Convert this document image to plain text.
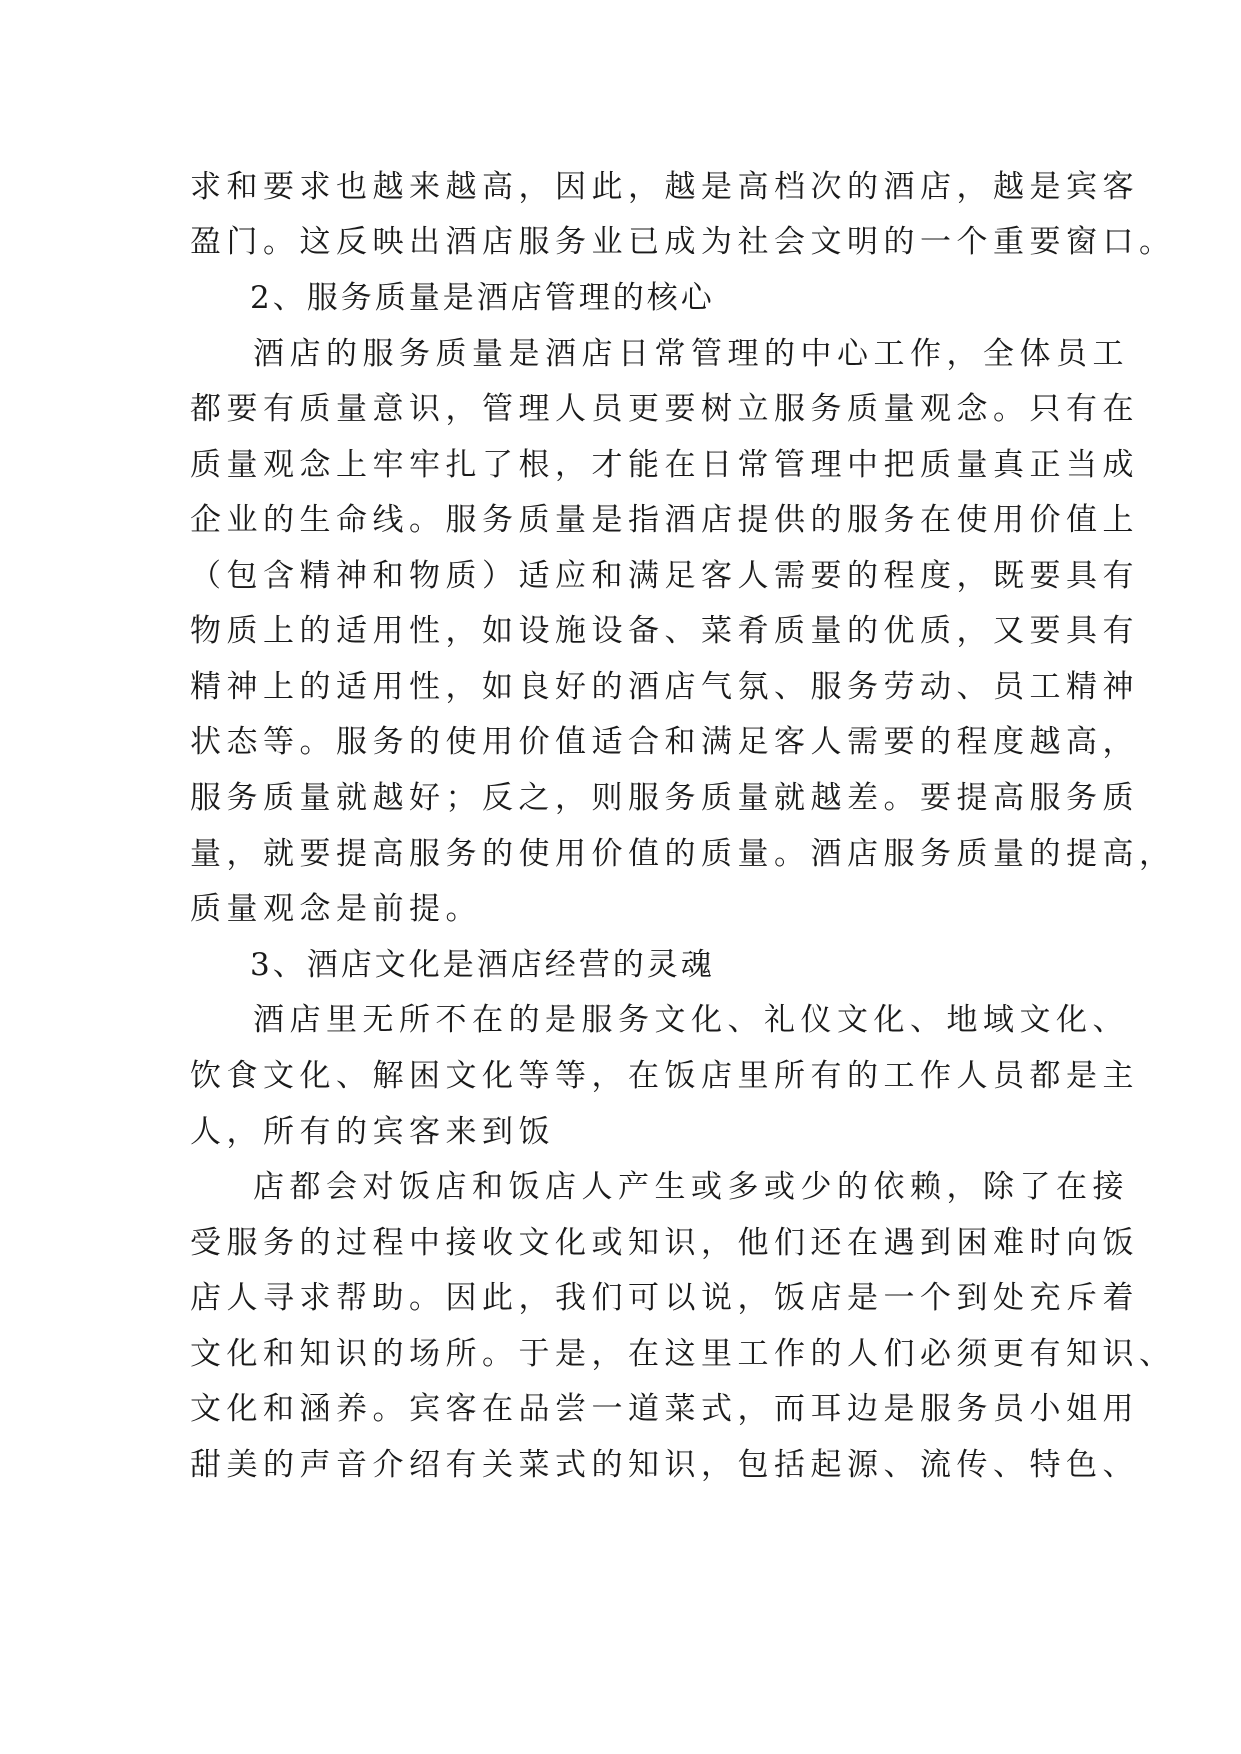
求和要求也越来越高，因此，越是高档次的酒店，越是宾客
盈门。这反映出酒店服务业已成为社会文明的一个重要窗口。
2、服务质量是酒店管理的核心
酒店的服务质量是酒店日常管理的中心工作，全体员工
都要有质量意识，管理人员更要树立服务质量观念。只有在
质量观念上牢牢扎了根，才能在日常管理中把质量真正当成
企业的生命线。服务质量是指酒店提供的服务在使用价值上
（包含精神和物质）适应和满足客人需要的程度，既要具有
物质上的适用性，如设施设备、菜肴质量的优质，又要具有
精神上的适用性，如良好的酒店气氛、服务劳动、员工精神
状态等。服务的使用价值适合和满足客人需要的程度越高，
服务质量就越好；反之，则服务质量就越差。要提高服务质
量，就要提高服务的使用价值的质量。酒店服务质量的提高，
质量观念是前提。
3、酒店文化是酒店经营的灵魂
酒店里无所不在的是服务文化、礼仪文化、地域文化、
饮食文化、解困文化等等，在饭店里所有的工作人员都是主
人，所有的宾客来到饭
店都会对饭店和饭店人产生或多或少的依赖，除了在接
受服务的过程中接收文化或知识，他们还在遇到困难时向饭
店人寻求帮助。因此，我们可以说，饭店是一个到处充斥着
文化和知识的场所。于是，在这里工作的人们必须更有知识、
文化和涵养。宾客在品尝一道菜式，而耳边是服务员小姐用
甜美的声音介绍有关菜式的知识，包括起源、流传、特色、
